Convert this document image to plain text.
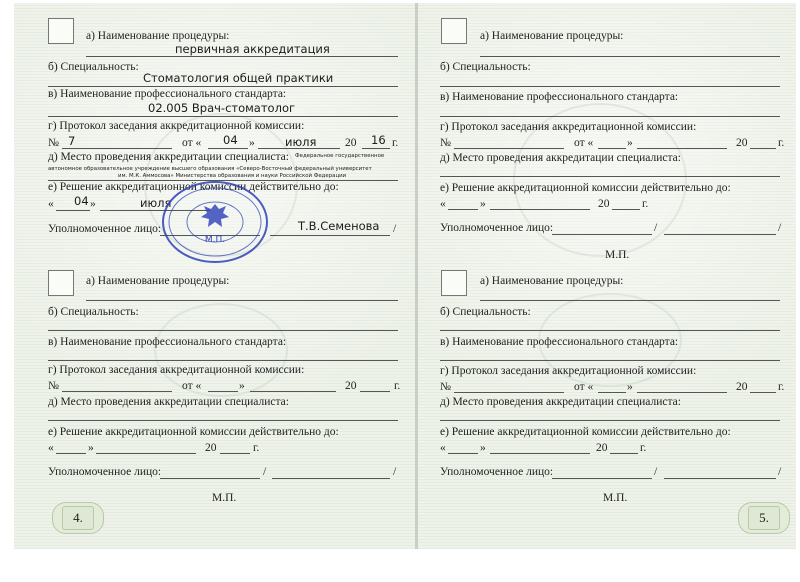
а) Наименование процедуры:
первичная аккредитация
б) Специальность:
Стоматология общей практики
в) Наименование профессионального стандарта:
02.005 Врач-стоматолог
г) Протокол заседания аккредитационной комиссии:
№ 7	от « 04 »	июля 20 16 г.
д) Место проведения аккредитации специалиста: Федеральное государственное
автономное образовательное учреждение высшего образования «Северо-Восточный федеральный университет
им. М.К. Аммосова» Министерства образования и науки Российской Федерации
е) Решение аккредитационной комиссии действительно до:
« 04 »	июля
Уполномоченное лицо:	Т.В.Семенова /
М.П.
а) Наименование процедуры:
б) Специальность:
в) Наименование профессионального стандарта:
г) Протокол заседания аккредитационной комиссии:
№	от «	»	20	г.
д) Место проведения аккредитации специалиста:
е) Решение аккредитационной комиссии действительно до:
«	»	20	г.
Уполномоченное лицо:	/	/
М.П.
4.
а) Наименование процедуры:
б) Специальность:
в) Наименование профессионального стандарта:
г) Протокол заседания аккредитационной комиссии:
№	от «	»	20	г.
д) Место проведения аккредитации специалиста:
е) Решение аккредитационной комиссии действительно до:
«	»	20	г.
Уполномоченное лицо:	/	/
М.П.
а) Наименование процедуры:
б) Специальность:
в) Наименование профессионального стандарта:
г) Протокол заседания аккредитационной комиссии:
№	от «	»	20	г.
д) Место проведения аккредитации специалиста:
е) Решение аккредитационной комиссии действительно до:
«	»	20	г.
Уполномоченное лицо:	/	/
М.П.
5.
